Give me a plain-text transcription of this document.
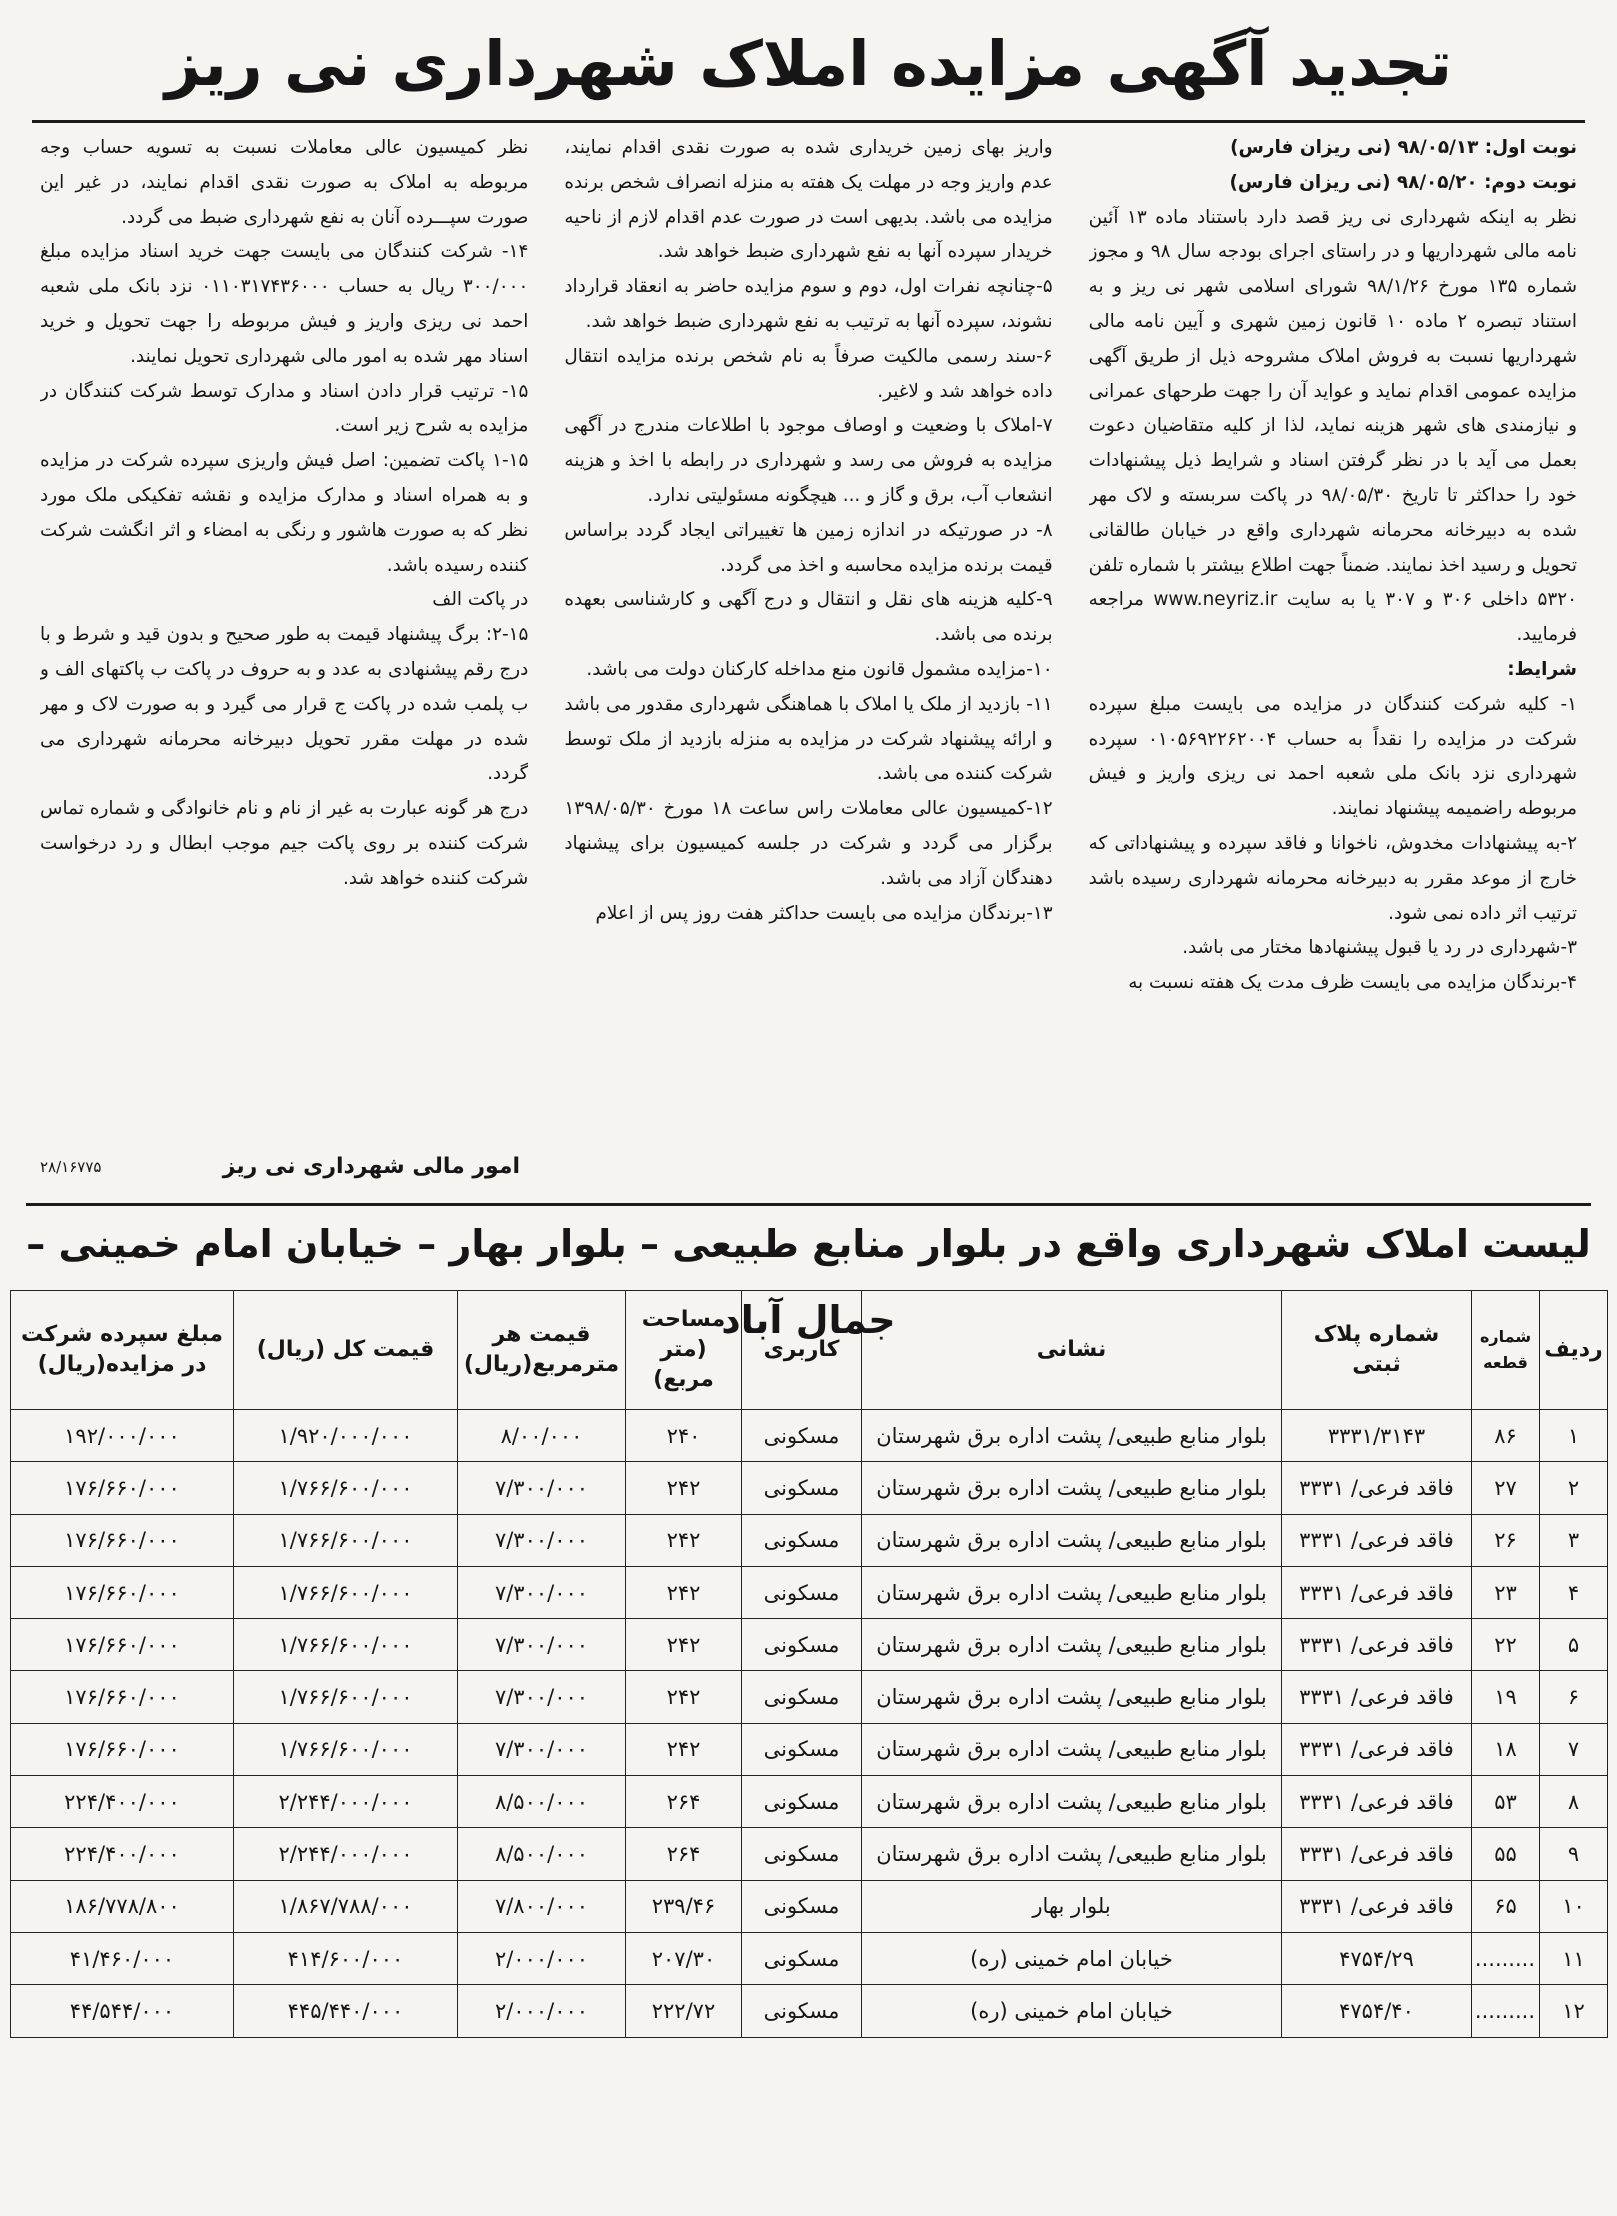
تجدید آگهی مزایده املاک شهرداری نی ریز

نوبت اول: ۹۸/۰۵/۱۳ (نی ریزان فارس)

نوبت دوم: ۹۸/۰۵/۲۰ (نی ریزان فارس)

نظر به اینکه شهرداری نی ریز قصد دارد باستناد ماده ۱۳ آئین نامه مالی شهرداریها و در راستای اجرای بودجه سال ۹۸ و مجوز شماره ۱۳۵ مورخ ۹۸/۱/۲۶ شورای اسلامی شهر نی ریز و به استناد تبصره ۲ ماده ۱۰ قانون زمین شهری و آیین نامه مالی شهرداریها نسبت به فروش املاک مشروحه ذیل از طریق آگهی مزایده عمومی اقدام نماید و عواید آن را جهت طرحهای عمرانی و نیازمندی های شهر هزینه نماید، لذا از کلیه متقاضیان دعوت بعمل می آید با در نظر گرفتن اسناد و شرایط ذیل پیشنهادات خود را حداکثر تا تاریخ ۹۸/۰۵/۳۰ در پاکت سربسته و لاک مهر شده به دبیرخانه محرمانه شهرداری واقع در خیابان طالقانی تحویل و رسید اخذ نمایند. ضمناً جهت اطلاع بیشتر با شماره تلفن ۵۳۲۰ داخلی ۳۰۶ و ۳۰۷ یا به سایت www.neyriz.ir مراجعه فرمایید.

شرایط:

۱- کلیه شرکت کنندگان در مزایده می بایست مبلغ سپرده شرکت در مزایده را نقداً به حساب ۰۱۰۵۶۹۲۲۶۲۰۰۴ سپرده شهرداری نزد بانک ملی شعبه احمد نی ریزی واریز و فیش مربوطه راضمیمه پیشنهاد نمایند.

۲-به پیشنهادات مخدوش، ناخوانا و فاقد سپرده و پیشنهاداتی که خارج از موعد مقرر به دبیرخانه محرمانه شهرداری رسیده باشد ترتیب اثر داده نمی شود.

۳-شهرداری در رد یا قبول پیشنهادها مختار می باشد.

۴-برندگان مزایده می بایست ظرف مدت یک هفته نسبت به

واریز بهای زمین خریداری شده به صورت نقدی اقدام نمایند، عدم واریز وجه در مهلت یک هفته به منزله انصراف شخص برنده مزایده می باشد. بدیهی است در صورت عدم اقدام لازم از ناحیه خریدار سپرده آنها به نفع شهرداری ضبط خواهد شد.

۵-چنانچه نفرات اول، دوم و سوم مزایده حاضر به انعقاد قرارداد نشوند، سپرده آنها به ترتیب به نفع شهرداری ضبط خواهد شد.

۶-سند رسمی مالکیت صرفاً به نام شخص برنده مزایده انتقال داده خواهد شد و لاغیر.

۷-املاک با وضعیت و اوصاف موجود با اطلاعات مندرج در آگهی مزایده به فروش می رسد و شهرداری در رابطه با اخذ و هزینه انشعاب آب، برق و گاز و ... هیچگونه مسئولیتی ندارد.

۸- در صورتیکه در اندازه زمین ها تغییراتی ایجاد گردد براساس قیمت برنده مزایده محاسبه و اخذ می گردد.

۹-کلیه هزینه های نقل و انتقال و درج آگهی و کارشناسی بعهده برنده می باشد.

۱۰-مزایده مشمول قانون منع مداخله کارکنان دولت می باشد.

۱۱- بازدید از ملک یا املاک با هماهنگی شهرداری مقدور می باشد و ارائه پیشنهاد شرکت در مزایده به منزله بازدید از ملک توسط شرکت کننده می باشد.

۱۲-کمیسیون عالی معاملات راس ساعت ۱۸ مورخ ۱۳۹۸/۰۵/۳۰ برگزار می گردد و شرکت در جلسه کمیسیون برای پیشنهاد دهندگان آزاد می باشد.

۱۳-برندگان مزایده می بایست حداکثر هفت روز پس از اعلام

نظر کمیسیون عالی معاملات نسبت به تسویه حساب وجه مربوطه به املاک به صورت نقدی اقدام نمایند، در غیر این صورت سپـــرده آنان به نفع شهرداری ضبط می گردد.

۱۴- شرکت کنندگان می بایست جهت خرید اسناد مزایده مبلغ ۳۰۰/۰۰۰ ریال به حساب ۰۱۱۰۳۱۷۴۳۶۰۰۰ نزد بانک ملی شعبه احمد نی ریزی واریز و فیش مربوطه را جهت تحویل و خرید اسناد مهر شده به امور مالی شهرداری تحویل نمایند.

۱۵- ترتیب قرار دادن اسناد و مدارک توسط شرکت کنندگان در مزایده به شرح زیر است.

۱-۱۵ پاکت تضمین: اصل فیش واریزی سپرده شرکت در مزایده و به همراه اسناد و مدارک مزایده و نقشه تفکیکی ملک مورد نظر که به صورت هاشور و رنگی به امضاء و اثر انگشت شرکت کننده رسیده باشد.

در پاکت الف

۲-۱۵: برگ پیشنهاد قیمت به طور صحیح و بدون قید و شرط و با درج رقم پیشنهادی به عدد و به حروف در پاکت ب پاکتهای الف و ب پلمب شده در پاکت ج قرار می گیرد و به صورت لاک و مهر شده در مهلت مقرر تحویل دبیرخانه محرمانه شهرداری می گردد.

درج هر گونه عبارت به غیر از نام و نام خانوادگی و شماره تماس شرکت کننده بر روی پاکت جیم موجب ابطال و رد درخواست شرکت کننده خواهد شد.

امور مالی شهرداری نی ریز
۲۸/۱۶۷۷۵
لیست املاک شهرداری واقع در بلوار منابع طبیعی – بلوار بهار – خیابان امام خمینی – جمال آباد
ردیف	شماره قطعه	شماره پلاک ثبتی	نشانی	کاربری	مساحت (متر مربع)	قیمت هر مترمربع(ریال)	قیمت کل (ریال)	مبلغ سپرده شرکت در مزایده(ریال)
۱	۸۶	۳۳۳۱/۳۱۴۳	بلوار منابع طبیعی/ پشت اداره برق شهرستان	مسکونی	۲۴۰	۸/۰۰/۰۰۰	۱/۹۲۰/۰۰۰/۰۰۰	۱۹۲/۰۰۰/۰۰۰
۲	۲۷	فاقد فرعی/ ۳۳۳۱	بلوار منابع طبیعی/ پشت اداره برق شهرستان	مسکونی	۲۴۲	۷/۳۰۰/۰۰۰	۱/۷۶۶/۶۰۰/۰۰۰	۱۷۶/۶۶۰/۰۰۰
۳	۲۶	فاقد فرعی/ ۳۳۳۱	بلوار منابع طبیعی/ پشت اداره برق شهرستان	مسکونی	۲۴۲	۷/۳۰۰/۰۰۰	۱/۷۶۶/۶۰۰/۰۰۰	۱۷۶/۶۶۰/۰۰۰
۴	۲۳	فاقد فرعی/ ۳۳۳۱	بلوار منابع طبیعی/ پشت اداره برق شهرستان	مسکونی	۲۴۲	۷/۳۰۰/۰۰۰	۱/۷۶۶/۶۰۰/۰۰۰	۱۷۶/۶۶۰/۰۰۰
۵	۲۲	فاقد فرعی/ ۳۳۳۱	بلوار منابع طبیعی/ پشت اداره برق شهرستان	مسکونی	۲۴۲	۷/۳۰۰/۰۰۰	۱/۷۶۶/۶۰۰/۰۰۰	۱۷۶/۶۶۰/۰۰۰
۶	۱۹	فاقد فرعی/ ۳۳۳۱	بلوار منابع طبیعی/ پشت اداره برق شهرستان	مسکونی	۲۴۲	۷/۳۰۰/۰۰۰	۱/۷۶۶/۶۰۰/۰۰۰	۱۷۶/۶۶۰/۰۰۰
۷	۱۸	فاقد فرعی/ ۳۳۳۱	بلوار منابع طبیعی/ پشت اداره برق شهرستان	مسکونی	۲۴۲	۷/۳۰۰/۰۰۰	۱/۷۶۶/۶۰۰/۰۰۰	۱۷۶/۶۶۰/۰۰۰
۸	۵۳	فاقد فرعی/ ۳۳۳۱	بلوار منابع طبیعی/ پشت اداره برق شهرستان	مسکونی	۲۶۴	۸/۵۰۰/۰۰۰	۲/۲۴۴/۰۰۰/۰۰۰	۲۲۴/۴۰۰/۰۰۰
۹	۵۵	فاقد فرعی/ ۳۳۳۱	بلوار منابع طبیعی/ پشت اداره برق شهرستان	مسکونی	۲۶۴	۸/۵۰۰/۰۰۰	۲/۲۴۴/۰۰۰/۰۰۰	۲۲۴/۴۰۰/۰۰۰
۱۰	۶۵	فاقد فرعی/ ۳۳۳۱	بلوار بهار	مسکونی	۲۳۹/۴۶	۷/۸۰۰/۰۰۰	۱/۸۶۷/۷۸۸/۰۰۰	۱۸۶/۷۷۸/۸۰۰
۱۱	.........	۴۷۵۴/۲۹	خیابان امام خمینی (ره)	مسکونی	۲۰۷/۳۰	۲/۰۰۰/۰۰۰	۴۱۴/۶۰۰/۰۰۰	۴۱/۴۶۰/۰۰۰
۱۲	.........	۴۷۵۴/۴۰	خیابان امام خمینی (ره)	مسکونی	۲۲۲/۷۲	۲/۰۰۰/۰۰۰	۴۴۵/۴۴۰/۰۰۰	۴۴/۵۴۴/۰۰۰
